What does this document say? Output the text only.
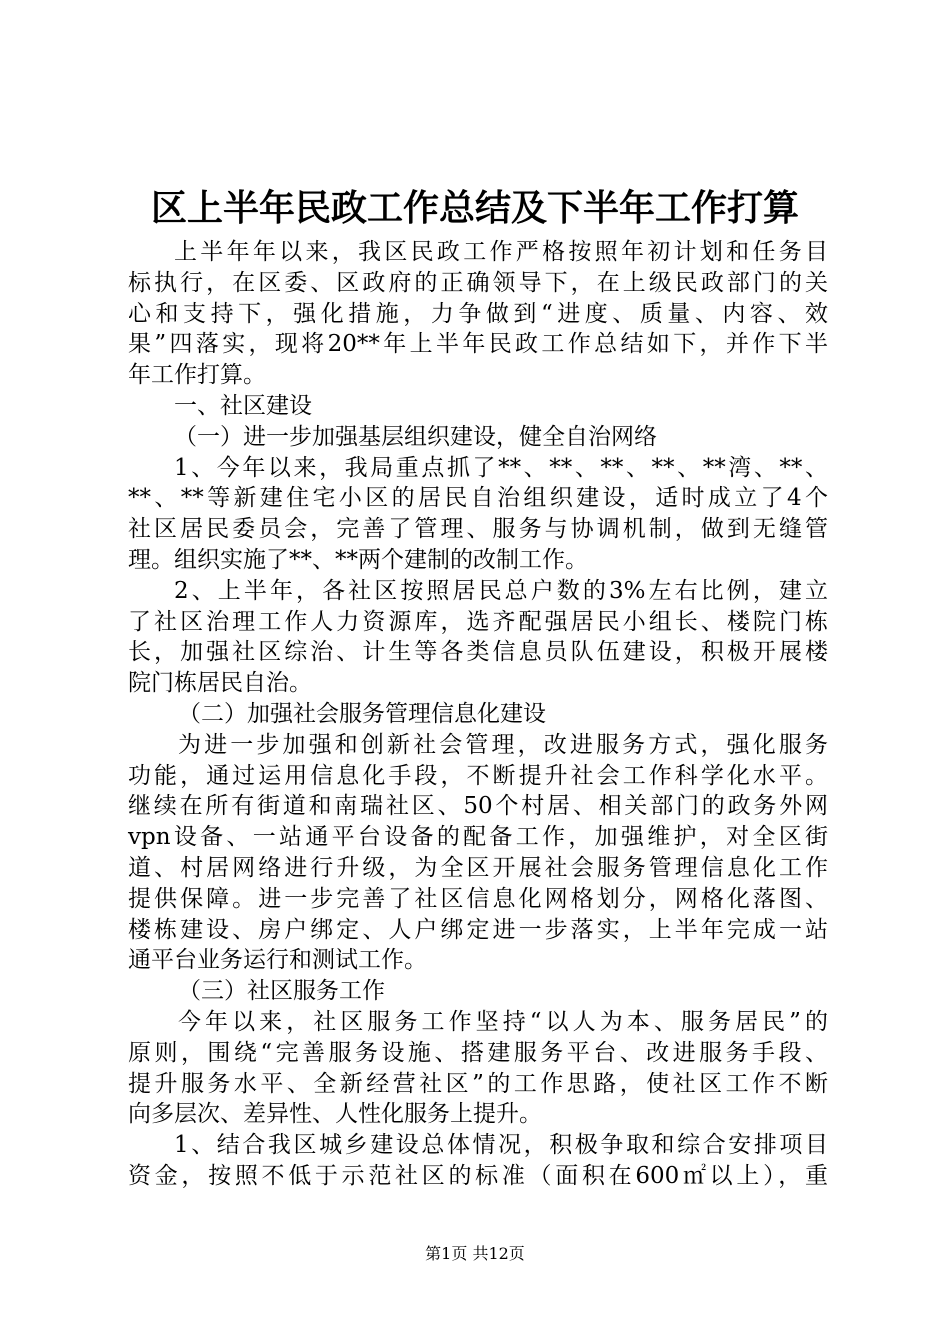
区上半年民政工作总结及下半年工作打算
上半年年以来，我区民政工作严格按照年初计划和任务目
标执行，在区委、区政府的正确领导下，在上级民政部门的关
心和支持下，强化措施，力争做到“进度、质量、内容、效
果”四落实，现将20**年上半年民政工作总结如下，并作下半
年工作打算。
一、社区建设
（一）进一步加强基层组织建设，健全自治网络
1、今年以来，我局重点抓了**、**、**、**、**湾、**、
**、**等新建住宅小区的居民自治组织建设，适时成立了4个
社区居民委员会，完善了管理、服务与协调机制，做到无缝管
理。组织实施了**、**两个建制的改制工作。
2、上半年，各社区按照居民总户数的3%左右比例，建立
了社区治理工作人力资源库，选齐配强居民小组长、楼院门栋
长，加强社区综治、计生等各类信息员队伍建设，积极开展楼
院门栋居民自治。
（二）加强社会服务管理信息化建设
为进一步加强和创新社会管理，改进服务方式，强化服务
功能，通过运用信息化手段，不断提升社会工作科学化水平。
继续在所有街道和南瑞社区、50个村居、相关部门的政务外网
vpn设备、一站通平台设备的配备工作，加强维护，对全区街
道、村居网络进行升级，为全区开展社会服务管理信息化工作
提供保障。进一步完善了社区信息化网格划分，网格化落图、
楼栋建设、房户绑定、人户绑定进一步落实，上半年完成一站
通平台业务运行和测试工作。
（三）社区服务工作
今年以来，社区服务工作坚持“以人为本、服务居民”的
原则，围绕“完善服务设施、搭建服务平台、改进服务手段、
提升服务水平、全新经营社区”的工作思路，使社区工作不断
向多层次、差异性、人性化服务上提升。
1、结合我区城乡建设总体情况，积极争取和综合安排项目
资金，按照不低于示范社区的标准（面积在600㎡以上），重
第1页 共12页
